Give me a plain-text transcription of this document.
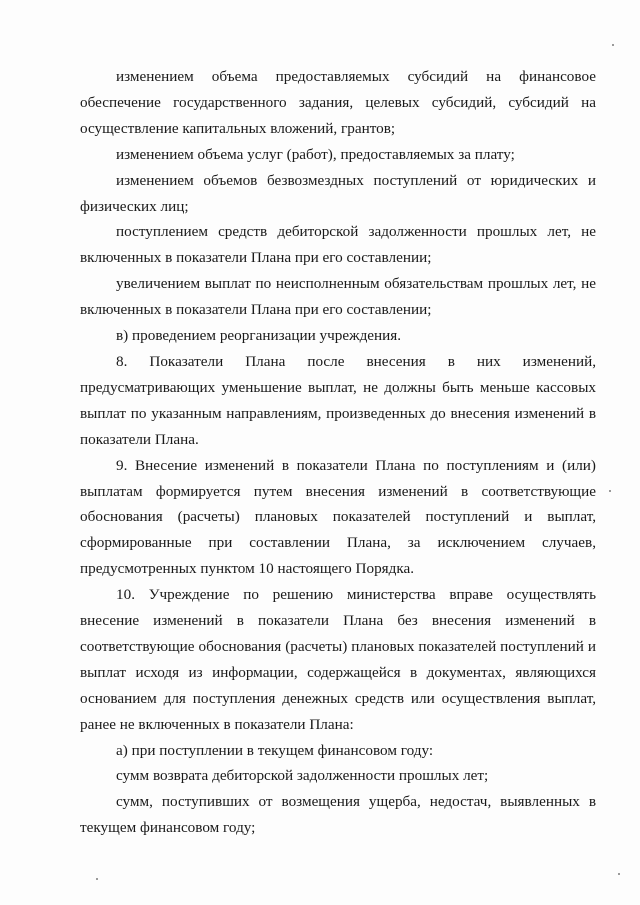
изменением объема предоставляемых субсидий на финансовое обеспечение государственного задания, целевых субсидий, субсидий на осуществление капитальных вложений, грантов;

изменением объема услуг (работ), предоставляемых за плату;

изменением объемов безвозмездных поступлений от юридических и физических лиц;

поступлением средств дебиторской задолженности прошлых лет, не включенных в показатели Плана при его составлении;

увеличением выплат по неисполненным обязательствам прошлых лет, не включенных в показатели Плана при его составлении;

в) проведением реорганизации учреждения.

8. Показатели Плана после внесения в них изменений, предусматривающих уменьшение выплат, не должны быть меньше кассовых выплат по указанным направлениям, произведенных до внесения изменений в показатели Плана.

9. Внесение изменений в показатели Плана по поступлениям и (или) выплатам формируется путем внесения изменений в соответствующие обоснования (расчеты) плановых показателей поступлений и выплат, сформированные при составлении Плана, за исключением случаев, предусмотренных пунктом 10 настоящего Порядка.

10. Учреждение по решению министерства вправе осуществлять внесение изменений в показатели Плана без внесения изменений в соответствующие обоснования (расчеты) плановых показателей поступлений и выплат исходя из информации, содержащейся в документах, являющихся основанием для поступления денежных средств или осуществления выплат, ранее не включенных в показатели Плана:

а) при поступлении в текущем финансовом году:

сумм возврата дебиторской задолженности прошлых лет;

сумм, поступивших от возмещения ущерба, недостач, выявленных в текущем финансовом году;
